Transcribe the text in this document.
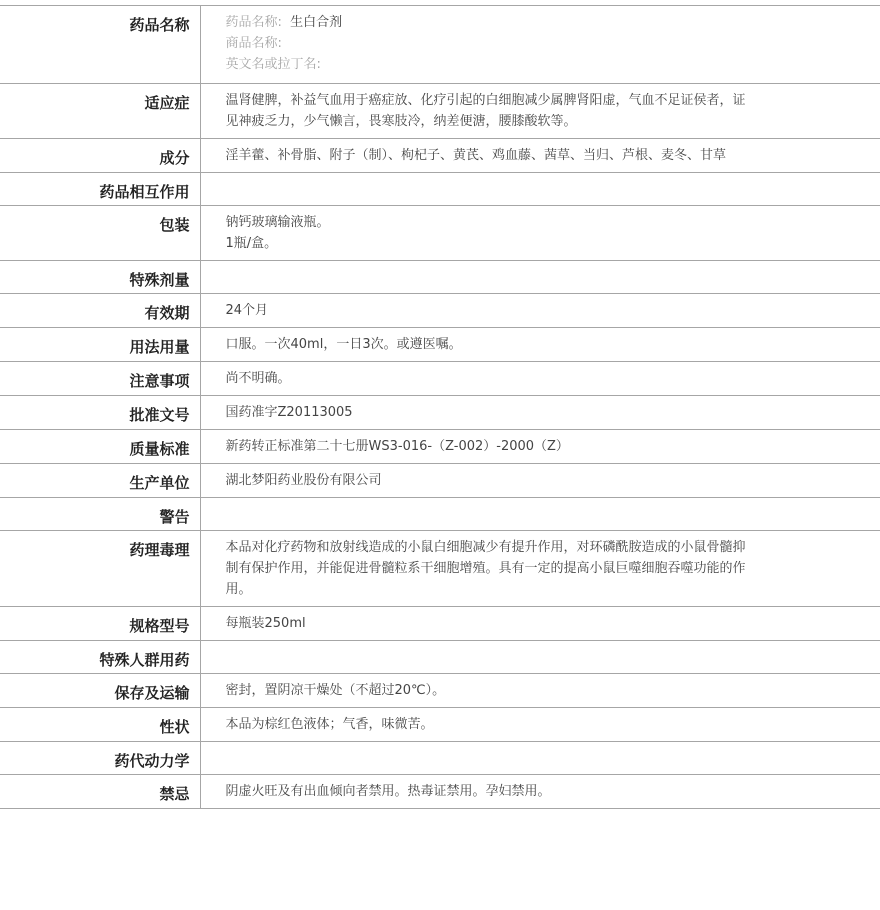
药品名称	药品名称: 生白合剂
商品名称:
英文名或拉丁名:

适应症	温肾健脾，补益气血用于癌症放、化疗引起的白细胞减少属脾肾阳虚，气血不足证侯者，证
见神疲乏力，少气懒言，畏寒肢冷，纳差便溏，腰膝酸软等。

成分	淫羊藿、补骨脂、附子（制）、枸杞子、黄芪、鸡血藤、茜草、当归、芦根、麦冬、甘草
药品相互作用	
包装	钠钙玻璃输液瓶。
1瓶/盒。

特殊剂量	
有效期	24个月
用法用量	口服。一次40ml，一日3次。或遵医嘱。
注意事项	尚不明确。
批准文号	国药准字Z20113005
质量标准	新药转正标准第二十七册WS3-016-（Z-002）-2000（Z）
生产单位	湖北梦阳药业股份有限公司
警告	
药理毒理	本品对化疗药物和放射线造成的小鼠白细胞减少有提升作用，对环磷酰胺造成的小鼠骨髓抑
制有保护作用，并能促进骨髓粒系干细胞增殖。具有一定的提高小鼠巨噬细胞吞噬功能的作
用。

规格型号	每瓶装250ml
特殊人群用药	
保存及运输	密封，置阴凉干燥处（不超过20℃）。
性状	本品为棕红色液体；气香，味微苦。
药代动力学	
禁忌	阴虚火旺及有出血倾向者禁用。热毒证禁用。孕妇禁用。
